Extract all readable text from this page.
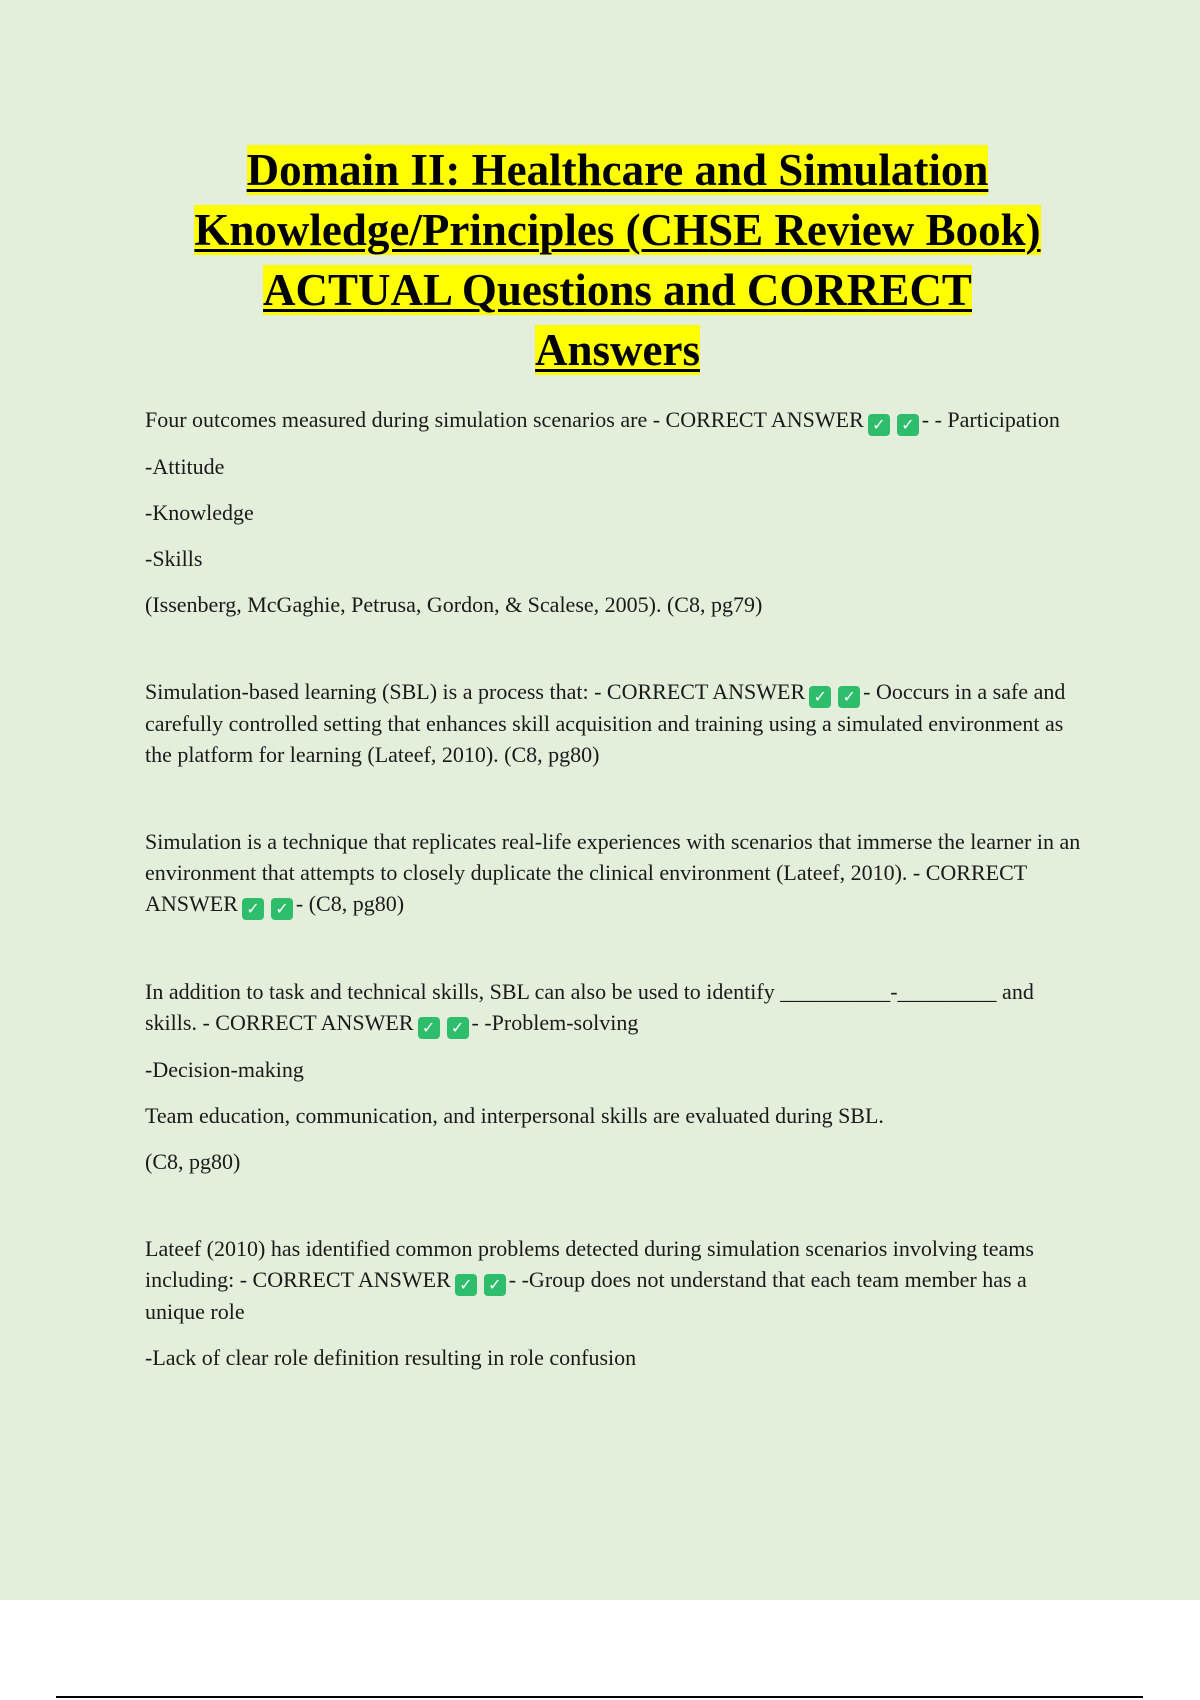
Domain II: Healthcare and Simulation
Knowledge/Principles (CHSE Review Book)
ACTUAL Questions and CORRECT
Answers

Four outcomes measured during simulation scenarios are - CORRECT ANSWER ✓ ✓ - - Participation

-Attitude

-Knowledge

-Skills

(Issenberg, McGaghie, Petrusa, Gordon, & Scalese, 2005). (C8, pg79)

Simulation-based learning (SBL) is a process that: - CORRECT ANSWER ✓ ✓ - Ooccurs in a safe and carefully controlled setting that enhances skill acquisition and training using a simulated environment as the platform for learning (Lateef, 2010). (C8, pg80)

Simulation is a technique that replicates real-life experiences with scenarios that immerse the learner in an environment that attempts to closely duplicate the clinical environment (Lateef, 2010). - CORRECT ANSWER ✓ ✓ - (C8, pg80)

In addition to task and technical skills, SBL can also be used to identify __________-_________ and skills. - CORRECT ANSWER ✓ ✓ - -Problem-solving

-Decision-making

Team education, communication, and interpersonal skills are evaluated during SBL.

(C8, pg80)

Lateef (2010) has identified common problems detected during simulation scenarios involving teams including: - CORRECT ANSWER ✓ ✓ - -Group does not understand that each team member has a unique role

-Lack of clear role definition resulting in role confusion
